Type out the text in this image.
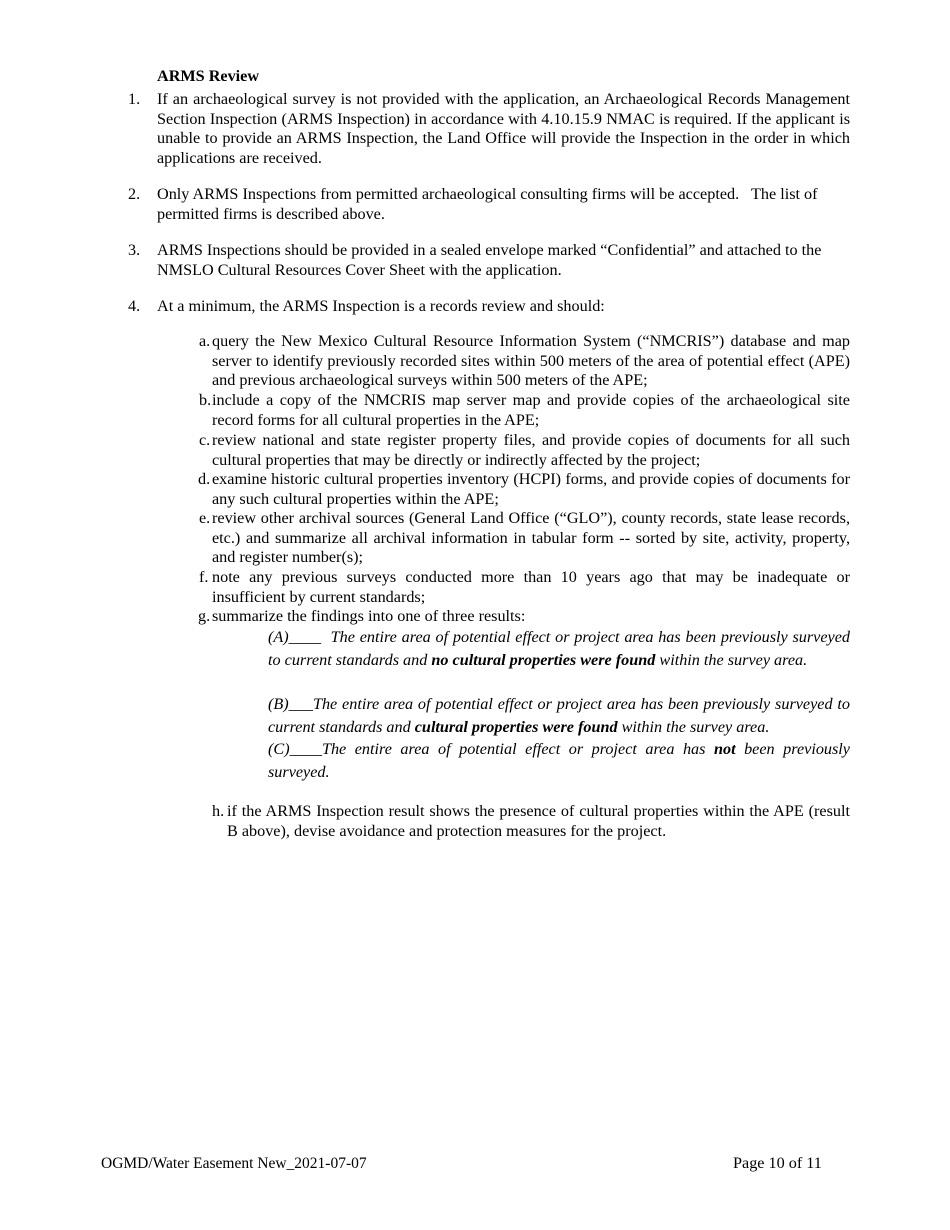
ARMS Review
1. If an archaeological survey is not provided with the application, an Archaeological Records Management Section Inspection (ARMS Inspection) in accordance with 4.10.15.9 NMAC is required. If the applicant is unable to provide an ARMS Inspection, the Land Office will provide the Inspection in the order in which applications are received.
2. Only ARMS Inspections from permitted archaeological consulting firms will be accepted.   The list of permitted firms is described above.
3. ARMS Inspections should be provided in a sealed envelope marked “Confidential” and attached to the NMSLO Cultural Resources Cover Sheet with the application.
4. At a minimum, the ARMS Inspection is a records review and should:
a. query the New Mexico Cultural Resource Information System (“NMCRIS”) database and map server to identify previously recorded sites within 500 meters of the area of potential effect (APE) and previous archaeological surveys within 500 meters of the APE;
b. include a copy of the NMCRIS map server map and provide copies of the archaeological site record forms for all cultural properties in the APE;
c. review national and state register property files, and provide copies of documents for all such cultural properties that may be directly or indirectly affected by the project;
d. examine historic cultural properties inventory (HCPI) forms, and provide copies of documents for any such cultural properties within the APE;
e. review other archival sources (General Land Office (“GLO”), county records, state lease records, etc.) and summarize all archival information in tabular form -- sorted by site, activity, property, and register number(s);
f. note any previous surveys conducted more than 10 years ago that may be inadequate or insufficient by current standards;
g. summarize the findings into one of three results:
(A)____  The entire area of potential effect or project area has been previously surveyed to current standards and no cultural properties were found within the survey area.
(B)___The entire area of potential effect or project area has been previously surveyed to current standards and cultural properties were found within the survey area.
(C)____The entire area of potential effect or project area has not been previously surveyed.
h. if the ARMS Inspection result shows the presence of cultural properties within the APE (result B above), devise avoidance and protection measures for the project.
OGMD/Water Easement New_2021-07-07	Page 10 of 11
